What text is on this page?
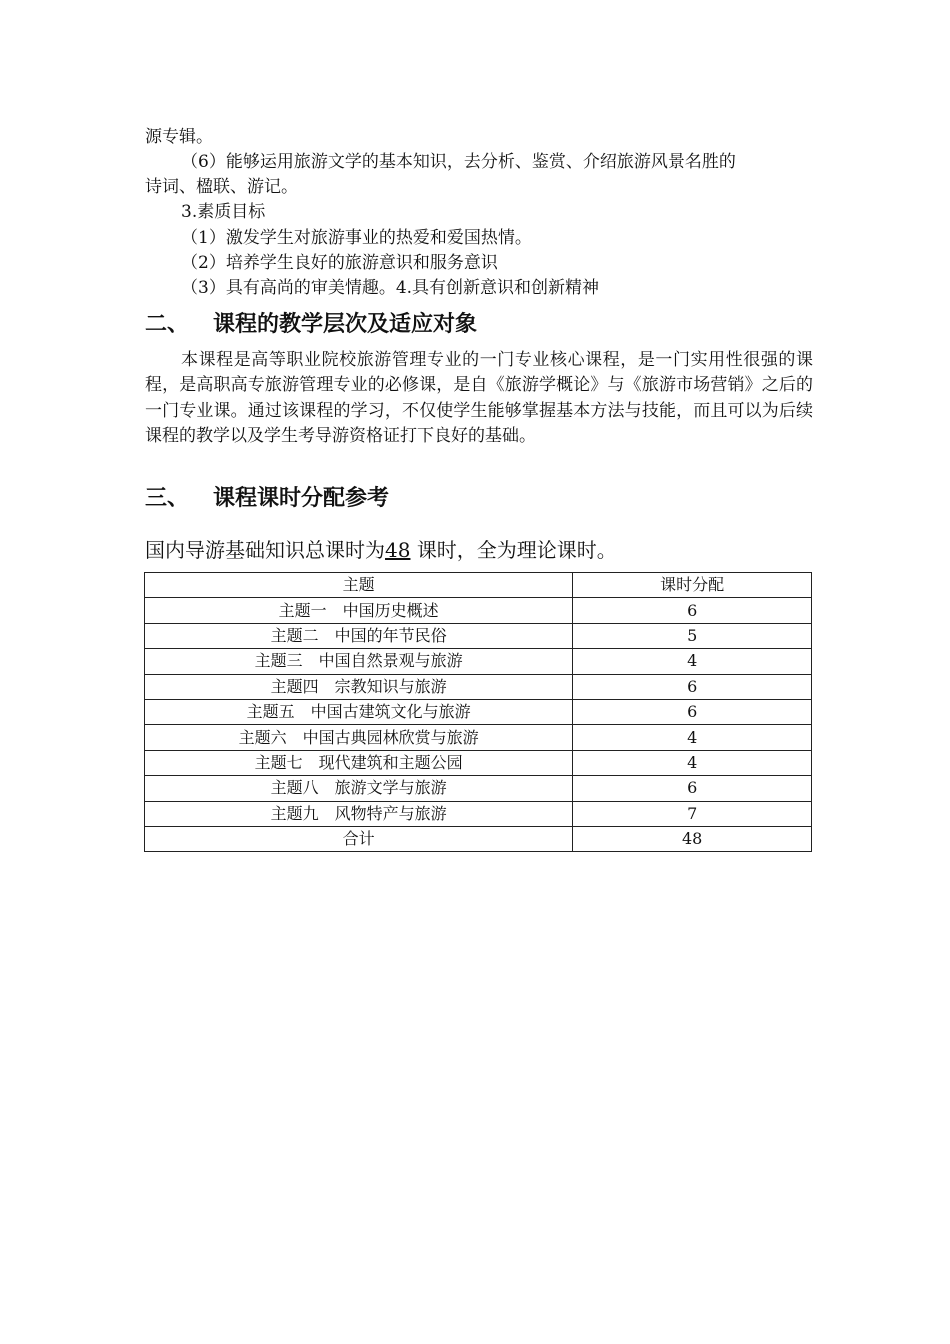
源专辑。
（6）能够运用旅游文学的基本知识，去分析、鉴赏、介绍旅游风景名胜的
诗词、楹联、游记。
3.素质目标
（1）激发学生对旅游事业的热爱和爱国热情。
（2）培养学生良好的旅游意识和服务意识
（3）具有高尚的审美情趣。4.具有创新意识和创新精神
二、 课程的教学层次及适应对象
本课程是高等职业院校旅游管理专业的一门专业核心课程，是一门实用性很强的课程，是高职高专旅游管理专业的必修课，是自《旅游学概论》与《旅游市场营销》之后的一门专业课。通过该课程的学习，不仅使学生能够掌握基本方法与技能，而且可以为后续课程的教学以及学生考导游资格证打下良好的基础。
三、 课程课时分配参考
国内导游基础知识总课时为48 课时，全为理论课时。
主题	课时分配
主题一　中国历史概述	6
主题二　中国的年节民俗	5
主题三　中国自然景观与旅游	4
主题四　宗教知识与旅游	6
主题五　中国古建筑文化与旅游	6
主题六　中国古典园林欣赏与旅游	4
主题七　现代建筑和主题公园	4
主题八　旅游文学与旅游	6
主题九　风物特产与旅游	7
合计	48
